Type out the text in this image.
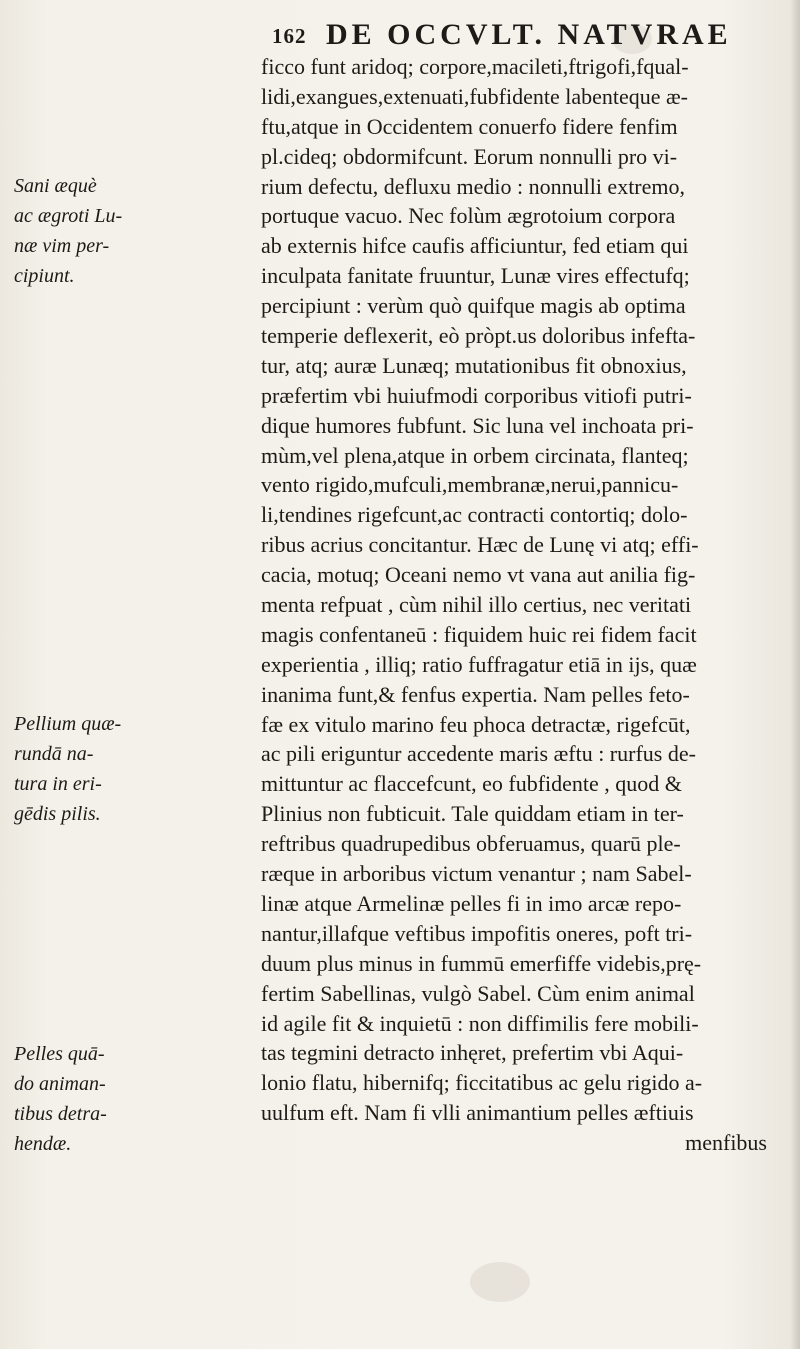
162 DE OCCVLT. NATVRAE
ficco funt aridoq; corpore,macileti,ftrigofi,fqual-
lidi,exangues,extenuati,fubfidente labenteque æ-
ftu,atque in Occidentem conuerfo fidere fenfim
pl.cideq; obdormifcunt. Eorum nonnulli pro vi-
rium defectu, defluxu medio : nonnulli extremo,
portuque vacuo. Nec folùm ægrotoium corpora
ab externis hifce caufis afficiuntur, fed etiam qui
inculpata fanitate fruuntur, Lunæ vires effectufq;
percipiunt : verùm quò quifque magis ab optima
temperie deflexerit, eò pròpt.us doloribus infefta-
tur, atq; auræ Lunæq; mutationibus fit obnoxius,
præfertim vbi huiufmodi corporibus vitiofi putri-
dique humores fubfunt. Sic luna vel inchoata pri-
mùm,vel plena,atque in orbem circinata, flanteq;
vento rigido,mufculi,membranæ,nerui,pannicu-
li,tendines rigefcunt,ac contracti contortiq; dolo-
ribus acrius concitantur. Hæc de Lunę vi atq; effi-
cacia, motuq; Oceani nemo vt vana aut anilia fig-
menta refpuat , cùm nihil illo certius, nec veritati
magis confentaneū : fiquidem huic rei fidem facit
experientia , illiq; ratio fuffragatur etiā in ijs, quæ
inanima funt,& fenfus expertia. Nam pelles feto-
fæ ex vitulo marino feu phoca detractæ, rigefcūt,
ac pili eriguntur accedente maris æftu : rurfus de-
mittuntur ac flaccefcunt, eo fubfidente , quod &
Plinius non fubticuit. Tale quiddam etiam in ter-
reftribus quadrupedibus obferuamus, quarū ple-
ræque in arboribus victum venantur ; nam Sabel-
linæ atque Armelinæ pelles fi in imo arcæ repo-
nantur,illafque veftibus impofitis oneres, poft tri-
duum plus minus in fummū emerfiffe videbis,prę-
fertim Sabellinas, vulgò Sabel. Cùm enim animal
id agile fit & inquietū : non diffimilis fere mobili-
tas tegmini detracto inhęret, prefertim vbi Aqui-
lonio flatu, hibernifq; ficcitatibus ac gelu rigido a-
uulfum eft. Nam fi vlli animantium pelles æftiuis
menfibus
Sani æquè
ac ægroti Lu-
næ vim per-
cipiunt.
Pellium quæ-
rundā na-
tura in eri-
gēdis pilis.
Pelles quā-
do animan-
tibus detra-
hendæ.
